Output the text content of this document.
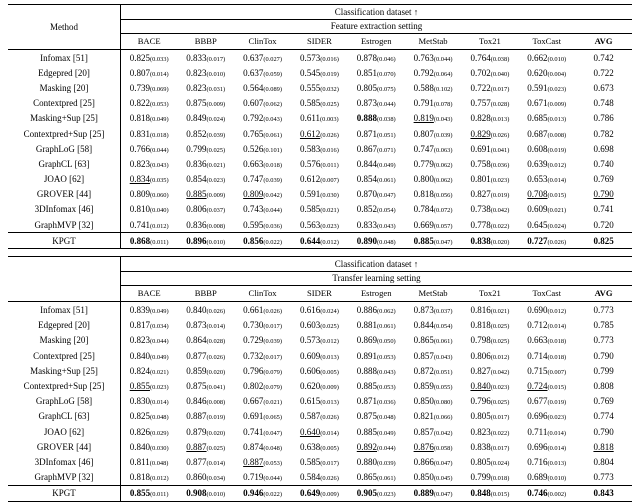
Method	Classification dataset ↑								
	Feature extraction setting								
	BACE	BBBP	ClinTox	SIDER	Estrogen	MetStab	Tox21	ToxCast	AVG
Infomax [51]	0.825(0.033)	0.833(0.017)	0.637(0.027)	0.573(0.016)	0.878(0.046)	0.763(0.044)	0.764(0.038)	0.662(0.010)	0.742
Edgepred [20]	0.807(0.014)	0.823(0.010)	0.637(0.059)	0.545(0.019)	0.851(0.070)	0.792(0.064)	0.702(0.040)	0.620(0.004)	0.722
Masking [20]	0.739(0.069)	0.823(0.031)	0.564(0.089)	0.555(0.032)	0.805(0.075)	0.588(0.102)	0.722(0.017)	0.591(0.023)	0.673
Contextpred [25]	0.822(0.053)	0.875(0.009)	0.607(0.062)	0.585(0.025)	0.873(0.044)	0.791(0.078)	0.757(0.028)	0.671(0.009)	0.748
Masking+Sup [25]	0.818(0.049)	0.849(0.024)	0.792(0.043)	0.611(0.003)	0.888(0.038)	0.819(0.043)	0.828(0.013)	0.685(0.013)	0.786
Contextpred+Sup [25]	0.831(0.018)	0.852(0.039)	0.765(0.061)	0.612(0.026)	0.871(0.051)	0.807(0.039)	0.829(0.026)	0.687(0.008)	0.782
GraphLoG [58]	0.766(0.044)	0.799(0.025)	0.526(0.101)	0.583(0.016)	0.867(0.071)	0.747(0.063)	0.691(0.041)	0.608(0.019)	0.698
GraphCL [63]	0.823(0.043)	0.836(0.021)	0.663(0.018)	0.576(0.011)	0.844(0.049)	0.779(0.062)	0.758(0.036)	0.639(0.012)	0.740
JOAO [62]	0.834(0.035)	0.854(0.023)	0.747(0.039)	0.612(0.007)	0.854(0.061)	0.800(0.062)	0.801(0.023)	0.653(0.014)	0.769
GROVER [44]	0.809(0.060)	0.885(0.009)	0.809(0.042)	0.591(0.030)	0.870(0.047)	0.818(0.056)	0.827(0.019)	0.708(0.015)	0.790
3DInfomax [46]	0.810(0.040)	0.806(0.037)	0.743(0.044)	0.585(0.021)	0.852(0.054)	0.784(0.072)	0.738(0.042)	0.609(0.021)	0.741
GraphMVP [32]	0.741(0.012)	0.836(0.008)	0.595(0.036)	0.563(0.023)	0.833(0.043)	0.669(0.057)	0.778(0.022)	0.645(0.024)	0.720
KPGT	0.868(0.011)	0.896(0.010)	0.856(0.022)	0.644(0.012)	0.890(0.048)	0.885(0.047)	0.838(0.020)	0.727(0.026)	0.825

	Classification dataset ↑								
	Transfer learning setting								
	BACE	BBBP	ClinTox	SIDER	Estrogen	MetStab	Tox21	ToxCast	AVG
Infomax [51]	0.839(0.049)	0.840(0.026)	0.661(0.026)	0.616(0.024)	0.886(0.062)	0.873(0.037)	0.816(0.021)	0.690(0.012)	0.773
Edgepred [20]	0.817(0.034)	0.873(0.014)	0.730(0.017)	0.603(0.025)	0.881(0.061)	0.844(0.054)	0.818(0.025)	0.712(0.014)	0.785
Masking [20]	0.823(0.044)	0.864(0.028)	0.729(0.039)	0.573(0.012)	0.869(0.050)	0.865(0.061)	0.798(0.025)	0.663(0.018)	0.773
Contextpred [25]	0.840(0.049)	0.877(0.026)	0.732(0.017)	0.609(0.013)	0.891(0.053)	0.857(0.043)	0.806(0.012)	0.714(0.018)	0.790
Masking+Sup [25]	0.824(0.021)	0.859(0.020)	0.796(0.079)	0.606(0.005)	0.888(0.043)	0.872(0.051)	0.827(0.042)	0.715(0.007)	0.799
Contextpred+Sup [25]	0.855(0.023)	0.875(0.041)	0.802(0.079)	0.620(0.009)	0.885(0.053)	0.859(0.055)	0.840(0.023)	0.724(0.015)	0.808
GraphLoG [58]	0.830(0.014)	0.846(0.008)	0.667(0.021)	0.615(0.013)	0.871(0.036)	0.850(0.080)	0.796(0.025)	0.677(0.019)	0.769
GraphCL [63]	0.825(0.048)	0.887(0.019)	0.691(0.065)	0.587(0.026)	0.875(0.048)	0.821(0.066)	0.805(0.017)	0.696(0.023)	0.774
JOAO [62]	0.826(0.029)	0.879(0.020)	0.741(0.047)	0.640(0.014)	0.885(0.049)	0.857(0.042)	0.823(0.022)	0.711(0.014)	0.790
GROVER [44]	0.840(0.030)	0.887(0.025)	0.874(0.048)	0.638(0.005)	0.892(0.044)	0.876(0.058)	0.838(0.017)	0.696(0.014)	0.818
3DInfomax [46]	0.811(0.048)	0.877(0.014)	0.887(0.053)	0.585(0.017)	0.880(0.039)	0.866(0.047)	0.805(0.024)	0.716(0.013)	0.804
GraphMVP [32]	0.818(0.012)	0.860(0.034)	0.719(0.044)	0.584(0.026)	0.865(0.061)	0.850(0.045)	0.799(0.018)	0.689(0.010)	0.773
KPGT	0.855(0.011)	0.908(0.010)	0.946(0.022)	0.649(0.009)	0.905(0.023)	0.889(0.047)	0.848(0.015)	0.746(0.002)	0.843
